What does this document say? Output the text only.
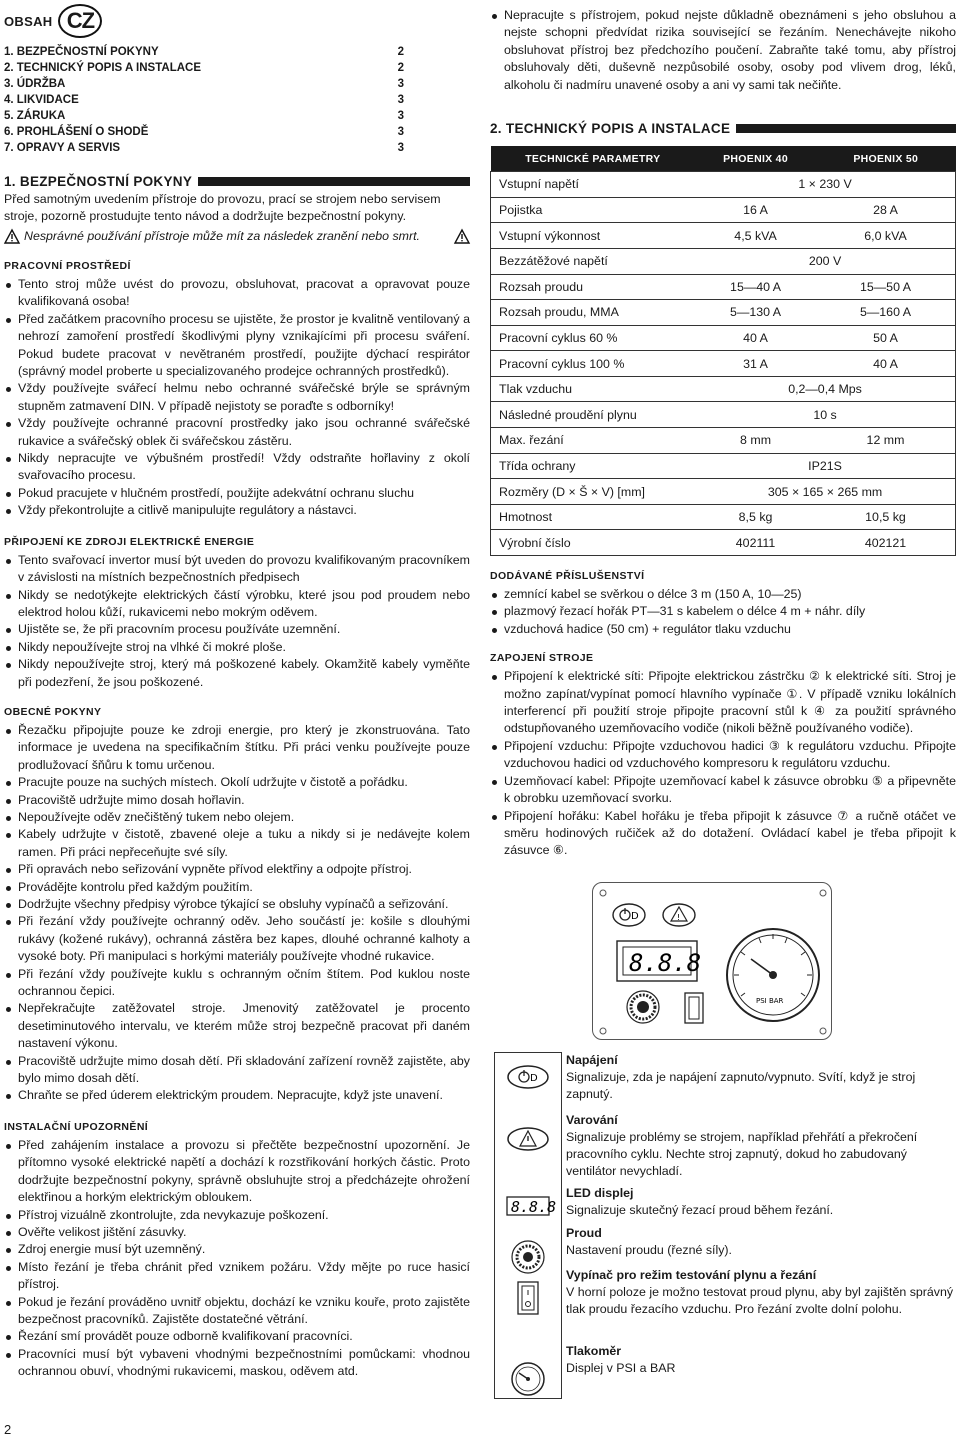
OBSAH CZ
1. BEZPEČNOSTNÍ POKYNY	2
2. TECHNICKÝ POPIS A INSTALACE	2
3. ÚDRŽBA	3
4. LIKVIDACE	3
5. ZÁRUKA	3
6. PROHLÁŠENÍ O SHODĚ	3
7. OPRAVY A SERVIS	3
1. BEZPEČNOSTNÍ POKYNY

Před samotným uvedením přístroje do provozu, prací se strojem nebo servisem stroje, pozorně prostudujte tento návod a dodržujte bezpečnostní pokyny.

Nesprávné používání přístroje může mít za následek zranění nebo smrt.
PRACOVNÍ PROSTŘEDÍ
Tento stroj může uvést do provozu, obsluhovat, pracovat a opravovat pouze kvalifikovaná osoba!
Před začátkem pracovního procesu se ujistěte, že prostor je kvalitně ventilovaný a nehrozí zamoření prostředí škodlivými plyny vznikajícími při procesu sváření. Pokud budete pracovat v nevětraném prostředí, použijte dýchací respirátor (správný model proberte u specializovaného prodejce ochranných prostředků).
Vždy používejte svářecí helmu nebo ochranné svářečské brýle se správným stupněm zatmavení DIN. V případě nejistoty se poraďte s odborníky!
Vždy používejte ochranné pracovní prostředky jako jsou ochranné svářečské rukavice a svářečský oblek či svářečskou zástěru.
Nikdy nepracujte ve výbušném prostředí! Vždy odstraňte hořlaviny z okolí svařovacího procesu.
Pokud pracujete v hlučném prostředí, použijte adekvátní ochranu sluchu
Vždy překontrolujte a citlivě manipulujte regulátory a nástavci.
PŘIPOJENÍ KE ZDROJI ELEKTRICKÉ ENERGIE
Tento svařovací invertor musí být uveden do provozu kvalifikovaným pracovníkem v závislosti na místních bezpečnostních předpisech
Nikdy se nedotýkejte elektrických částí výrobku, které jsou pod proudem nebo elektrod holou kůží, rukavicemi nebo mokrým oděvem.
Ujistěte se, že při pracovním procesu používáte uzemnění.
Nikdy nepoužívejte stroj na vlhké či mokré ploše.
Nikdy nepoužívejte stroj, který má poškozené kabely. Okamžitě kabely vyměňte při podezření, že jsou poškozené.
OBECNÉ POKYNY
Řezačku připojujte pouze ke zdroji energie, pro který je zkonstruována. Tato informace je uvedena na specifikačním štítku. Při práci venku používejte pouze prodlužovací šňůru k tomu určenou.
Pracujte pouze na suchých místech. Okolí udržujte v čistotě a pořádku.
Pracoviště udržujte mimo dosah hořlavin.
Nepoužívejte oděv znečištěný tukem nebo olejem.
Kabely udržujte v čistotě, zbavené oleje a tuku a nikdy si je nedávejte kolem ramen. Při práci nepřeceňujte své síly.
Při opravách nebo seřizování vypněte přívod elektřiny a odpojte přístroj.
Provádějte kontrolu před každým použitím.
Dodržujte všechny předpisy výrobce týkající se obsluhy vypínačů a seřizování.
Při řezání vždy používejte ochranný oděv. Jeho součástí je: košile s dlouhými rukávy (kožené rukávy), ochranná zástěra bez kapes, dlouhé ochranné kalhoty a vysoké boty. Při manipulaci s horkými materiály používejte vhodné rukavice.
Při řezání vždy používejte kuklu s ochranným očním štítem. Pod kuklou noste ochrannou čepici.
Nepřekračujte zatěžovatel stroje. Jmenovitý zatěžovatel je procento desetiminutového intervalu, ve kterém může stroj bezpečně pracovat při daném nastavení výkonu.
Pracoviště udržujte mimo dosah dětí. Při skladování zařízení rovněž zajistěte, aby bylo mimo dosah dětí.
Chraňte se před úderem elektrickým proudem. Nepracujte, když jste unavení.
INSTALAČNÍ UPOZORNĚNÍ
Před zahájením instalace a provozu si přečtěte bezpečnostní upozornění. Je přítomno vysoké elektrické napětí a dochází k rozstřikování horkých částic. Proto dodržujte bezpečnostní pokyny, správně obsluhujte stroj a předcházejte ohrožení elektřinou a horkým elektrickým obloukem.
Přístroj vizuálně zkontrolujte, zda nevykazuje poškození.
Ověřte velikost jištění zásuvky.
Zdroj energie musí být uzemněný.
Místo řezání je třeba chránit před vznikem požáru. Vždy mějte po ruce hasicí přístroj.
Pokud je řezání prováděno uvnitř objektu, dochází ke vzniku kouře, proto zajistěte bezpečnost pracovníků. Zajistěte dostatečné větrání.
Řezání smí provádět pouze odborně kvalifikovaní pracovníci.
Pracovníci musí být vybaveni vhodnými bezpečnostními pomůckami: vhodnou ochrannou obuví, vhodnými rukavicemi, maskou, oděvem atd.
2
Nepracujte s přístrojem, pokud nejste důkladně obeznámeni s jeho obsluhou a nejste schopni předvídat rizika související se řezáním. Nenechávejte nikoho obsluhovat přístroj bez předchozího poučení. Zabraňte také tomu, aby přístroj obsluhovaly děti, duševně nezpůsobilé osoby, osoby pod vlivem drog, léků, alkoholu či nadmíru unavené osoby a ani vy sami tak nečiňte.
2. TECHNICKÝ POPIS A INSTALACE
TECHNICKÉ PARAMETRY	PHOENIX 40	PHOENIX 50
Vstupní napětí	1 × 230 V	
Pojistka	16 A	28 A
Vstupní výkonnost	4,5 kVA	6,0 kVA
Bezzátěžové napětí	200 V	
Rozsah proudu	15—40 A	15—50 A
Rozsah proudu, MMA	5—130 A	5—160 A
Pracovní cyklus 60 %	40 A	50 A
Pracovní cyklus 100 %	31 A	40 A
Tlak vzduchu	0,2—0,4 Mps	
Následné proudění plynu	10 s	
Max. řezání	8 mm	12 mm
Třída ochrany	IP21S	
Rozměry (D × Š × V) [mm]	305 × 165 × 265 mm	
Hmotnost	8,5 kg	10,5 kg
Výrobní číslo	402111	402121
DODÁVANÉ PŘÍSLUŠENSTVÍ
zemnící kabel se svěrkou o délce 3 m (150 A, 10—25)
plazmový řezací hořák PT—31 s kabelem o délce 4 m + náhr. díly
vzduchová hadice (50 cm) + regulátor tlaku vzduchu
ZAPOJENÍ STROJE
Připojení k elektrické síti: Připojte elektrickou zástrčku ② k elektrické síti. Stroj je možno zapínat/vypínat pomocí hlavního vypínače ①. V případě vzniku lokálních interferencí při použití stroje připojte pracovní stůl k ④ za použití správného odstupňovaného uzemňovacího vodiče (nikoli běžně používaného vodiče).
Připojení vzduchu: Připojte vzduchovou hadici ③ k regulátoru vzduchu. Připojte vzduchovou hadici od vzduchového kompresoru k regulátoru vzduchu.
Uzemňovací kabel: Připojte uzemňovací kabel k zásuvce obrobku ⑤ a připevněte k obrobku uzemňovací svorku.
Připojení hořáku: Kabel hořáku je třeba připojit k zásuvce ⑦ a ručně otáčet ve směru hodinových ručiček až do dotažení. Ovládací kabel je třeba připojit k zásuvce ⑥.
D	!
8.8.8
PSI BAR
D
Napájení
Signalizuje, zda je napájení zapnuto/vypnuto. Svítí, když je stroj zapnutý.
Varování
Signalizuje problémy se strojem, například přehřátí a překročení pracovního cyklu. Nechte stroj zapnutý, dokud ho zabudovaný ventilátor nevychladí.
8.8.8
LED displej
Signalizuje skutečný řezací proud během řezání.
Proud
Nastavení proudu (řezné síly).
Vypínač pro režim testování plynu a řezání
V horní poloze je možno testovat proud plynu, aby byl zajištěn správný tlak proudu řezacího vzduchu. Pro řezání zvolte dolní polohu.
Tlakoměr
Displej v PSI a BAR
